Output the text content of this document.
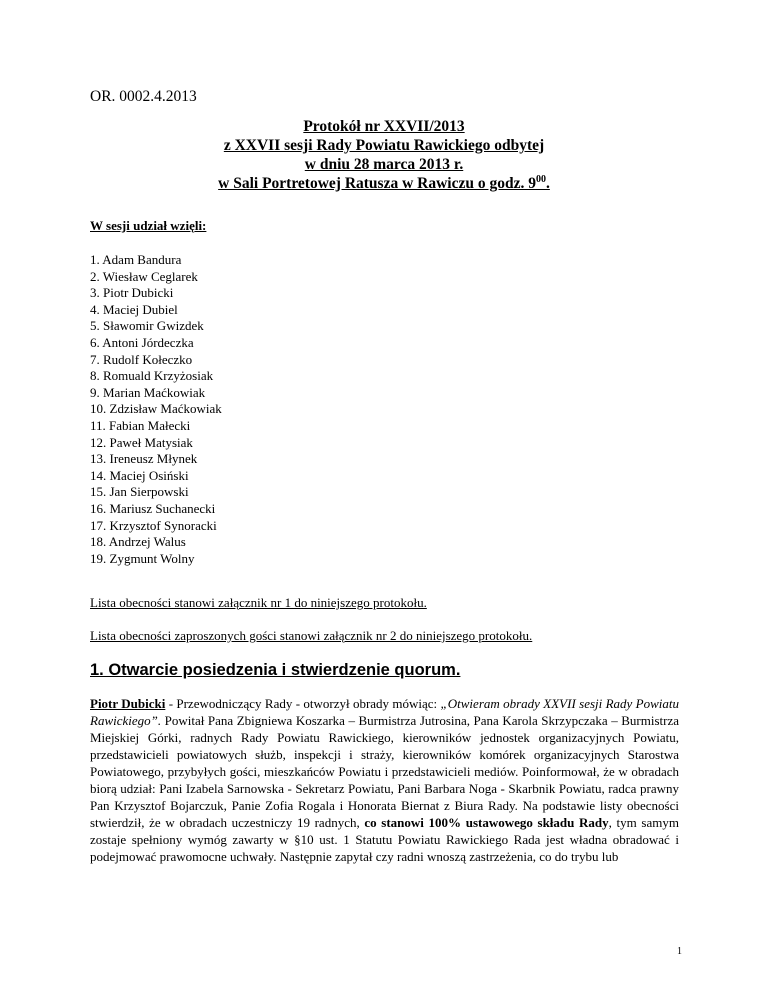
OR. 0002.4.2013
Protokół nr XXVII/2013
z XXVII sesji Rady Powiatu Rawickiego odbytej
w dniu 28 marca 2013 r.
w Sali Portretowej Ratusza w Rawiczu o godz. $9^{00}$.
W sesji udział wzięli:
1. Adam Bandura
2. Wiesław Ceglarek
3. Piotr Dubicki
4. Maciej Dubiel
5. Sławomir Gwizdek
6. Antoni Jórdeczka
7. Rudolf Kołeczko
8. Romuald Krzyżosiak
9. Marian Maćkowiak
10. Zdzisław Maćkowiak
11. Fabian Małecki
12. Paweł Matysiak
13. Ireneusz Młynek
14. Maciej Osiński
15. Jan Sierpowski
16. Mariusz Suchanecki
17. Krzysztof Synoracki
18. Andrzej Walus
19. Zygmunt Wolny
Lista obecności stanowi załącznik nr 1 do niniejszego protokołu.
Lista obecności zaproszonych gości stanowi załącznik nr 2 do niniejszego protokołu.
1. Otwarcie posiedzenia i stwierdzenie quorum.

Piotr Dubicki - Przewodniczący Rady - otworzył obrady mówiąc: „Otwieram obrady XXVII sesji Rady Powiatu Rawickiego”. Powitał Pana Zbigniewa Koszarka – Burmistrza Jutrosina, Pana Karola Skrzypczaka – Burmistrza Miejskiej Górki, radnych Rady Powiatu Rawickiego, kierowników jednostek organizacyjnych Powiatu, przedstawicieli powiatowych służb, inspekcji i straży, kierowników komórek organizacyjnych Starostwa Powiatowego, przybyłych gości, mieszkańców Powiatu i przedstawicieli mediów. Poinformował, że w obradach biorą udział: Pani Izabela Sarnowska - Sekretarz Powiatu, Pani Barbara Noga - Skarbnik Powiatu, radca prawny Pan Krzysztof Bojarczuk, Panie Zofia Rogala i Honorata Biernat z Biura Rady. Na podstawie listy obecności stwierdził, że w obradach uczestniczy 19 radnych, co stanowi 100% ustawowego składu Rady, tym samym zostaje spełniony wymóg zawarty w §10 ust. 1 Statutu Powiatu Rawickiego Rada jest władna obradować i podejmować prawomocne uchwały. Następnie zapytał czy radni wnoszą zastrzeżenia, co do trybu lub

1
